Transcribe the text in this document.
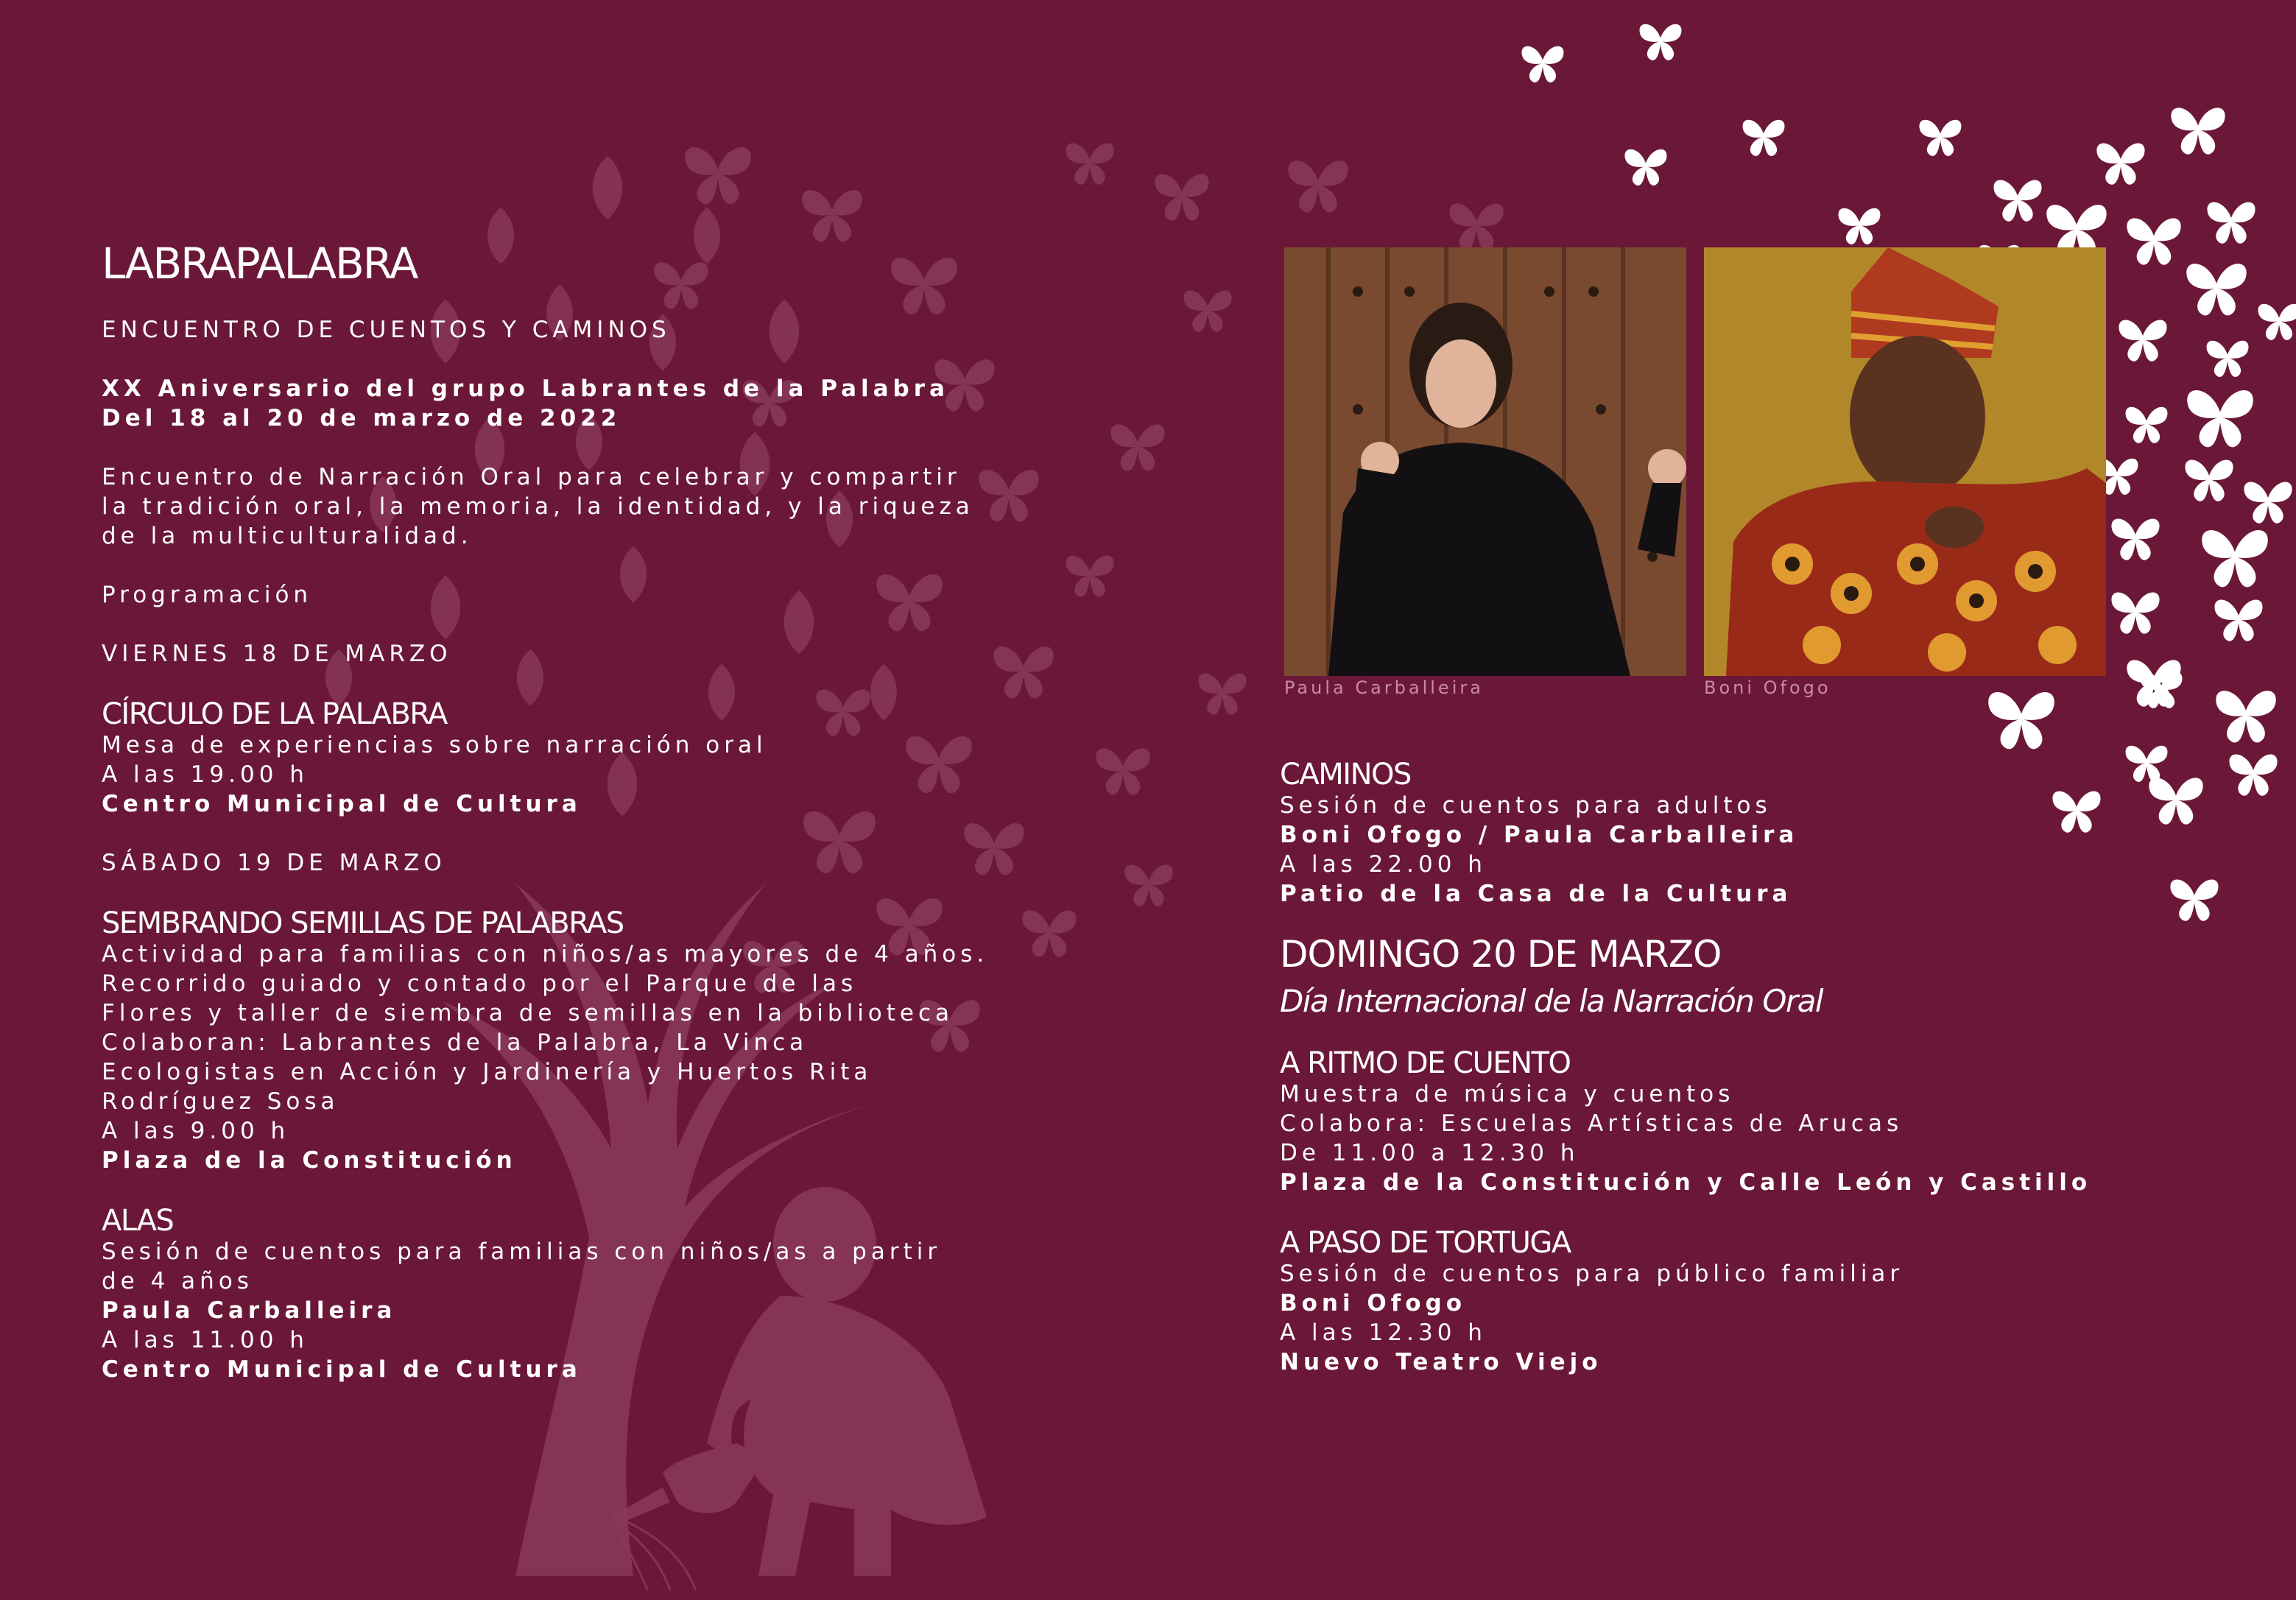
Paula Carballeira	Boni Ofogo
LABRAPALABRA

ENCUENTRO DE CUENTOS Y CAMINOS

XX Aniversario del grupo Labrantes de la Palabra

Del 18 al 20 de marzo de 2022

Encuentro de Narración Oral para celebrar y compartir
la tradición oral, la memoria, la identidad, y la riqueza
de la multiculturalidad.

Programación

VIERNES 18 DE MARZO

CÍRCULO DE LA PALABRA

Mesa de experiencias sobre narración oral

A las 19.00 h

Centro Municipal de Cultura

SÁBADO 19 DE MARZO

SEMBRANDO SEMILLAS DE PALABRAS

Actividad para familias con niños/as mayores de 4 años.
Recorrido guiado y contado por el Parque de las
Flores y taller de siembra de semillas en la biblioteca
Colaboran: Labrantes de la Palabra, La Vinca
Ecologistas en Acción y Jardinería y Huertos Rita
Rodríguez Sosa

A las 9.00 h

Plaza de la Constitución

ALAS

Sesión de cuentos para familias con niños/as a partir
de 4 años

Paula Carballeira

A las 11.00 h

Centro Municipal de Cultura

CAMINOS

Sesión de cuentos para adultos

Boni Ofogo / Paula Carballeira

A las 22.00 h

Patio de la Casa de la Cultura

DOMINGO 20 DE MARZO

Día Internacional de la Narración Oral

A RITMO DE CUENTO

Muestra de música y cuentos
Colabora: Escuelas Artísticas de Arucas

De 11.00 a 12.30 h

Plaza de la Constitución y Calle León y Castillo

A PASO DE TORTUGA

Sesión de cuentos para público familiar

Boni Ofogo

A las 12.30 h

Nuevo Teatro Viejo
